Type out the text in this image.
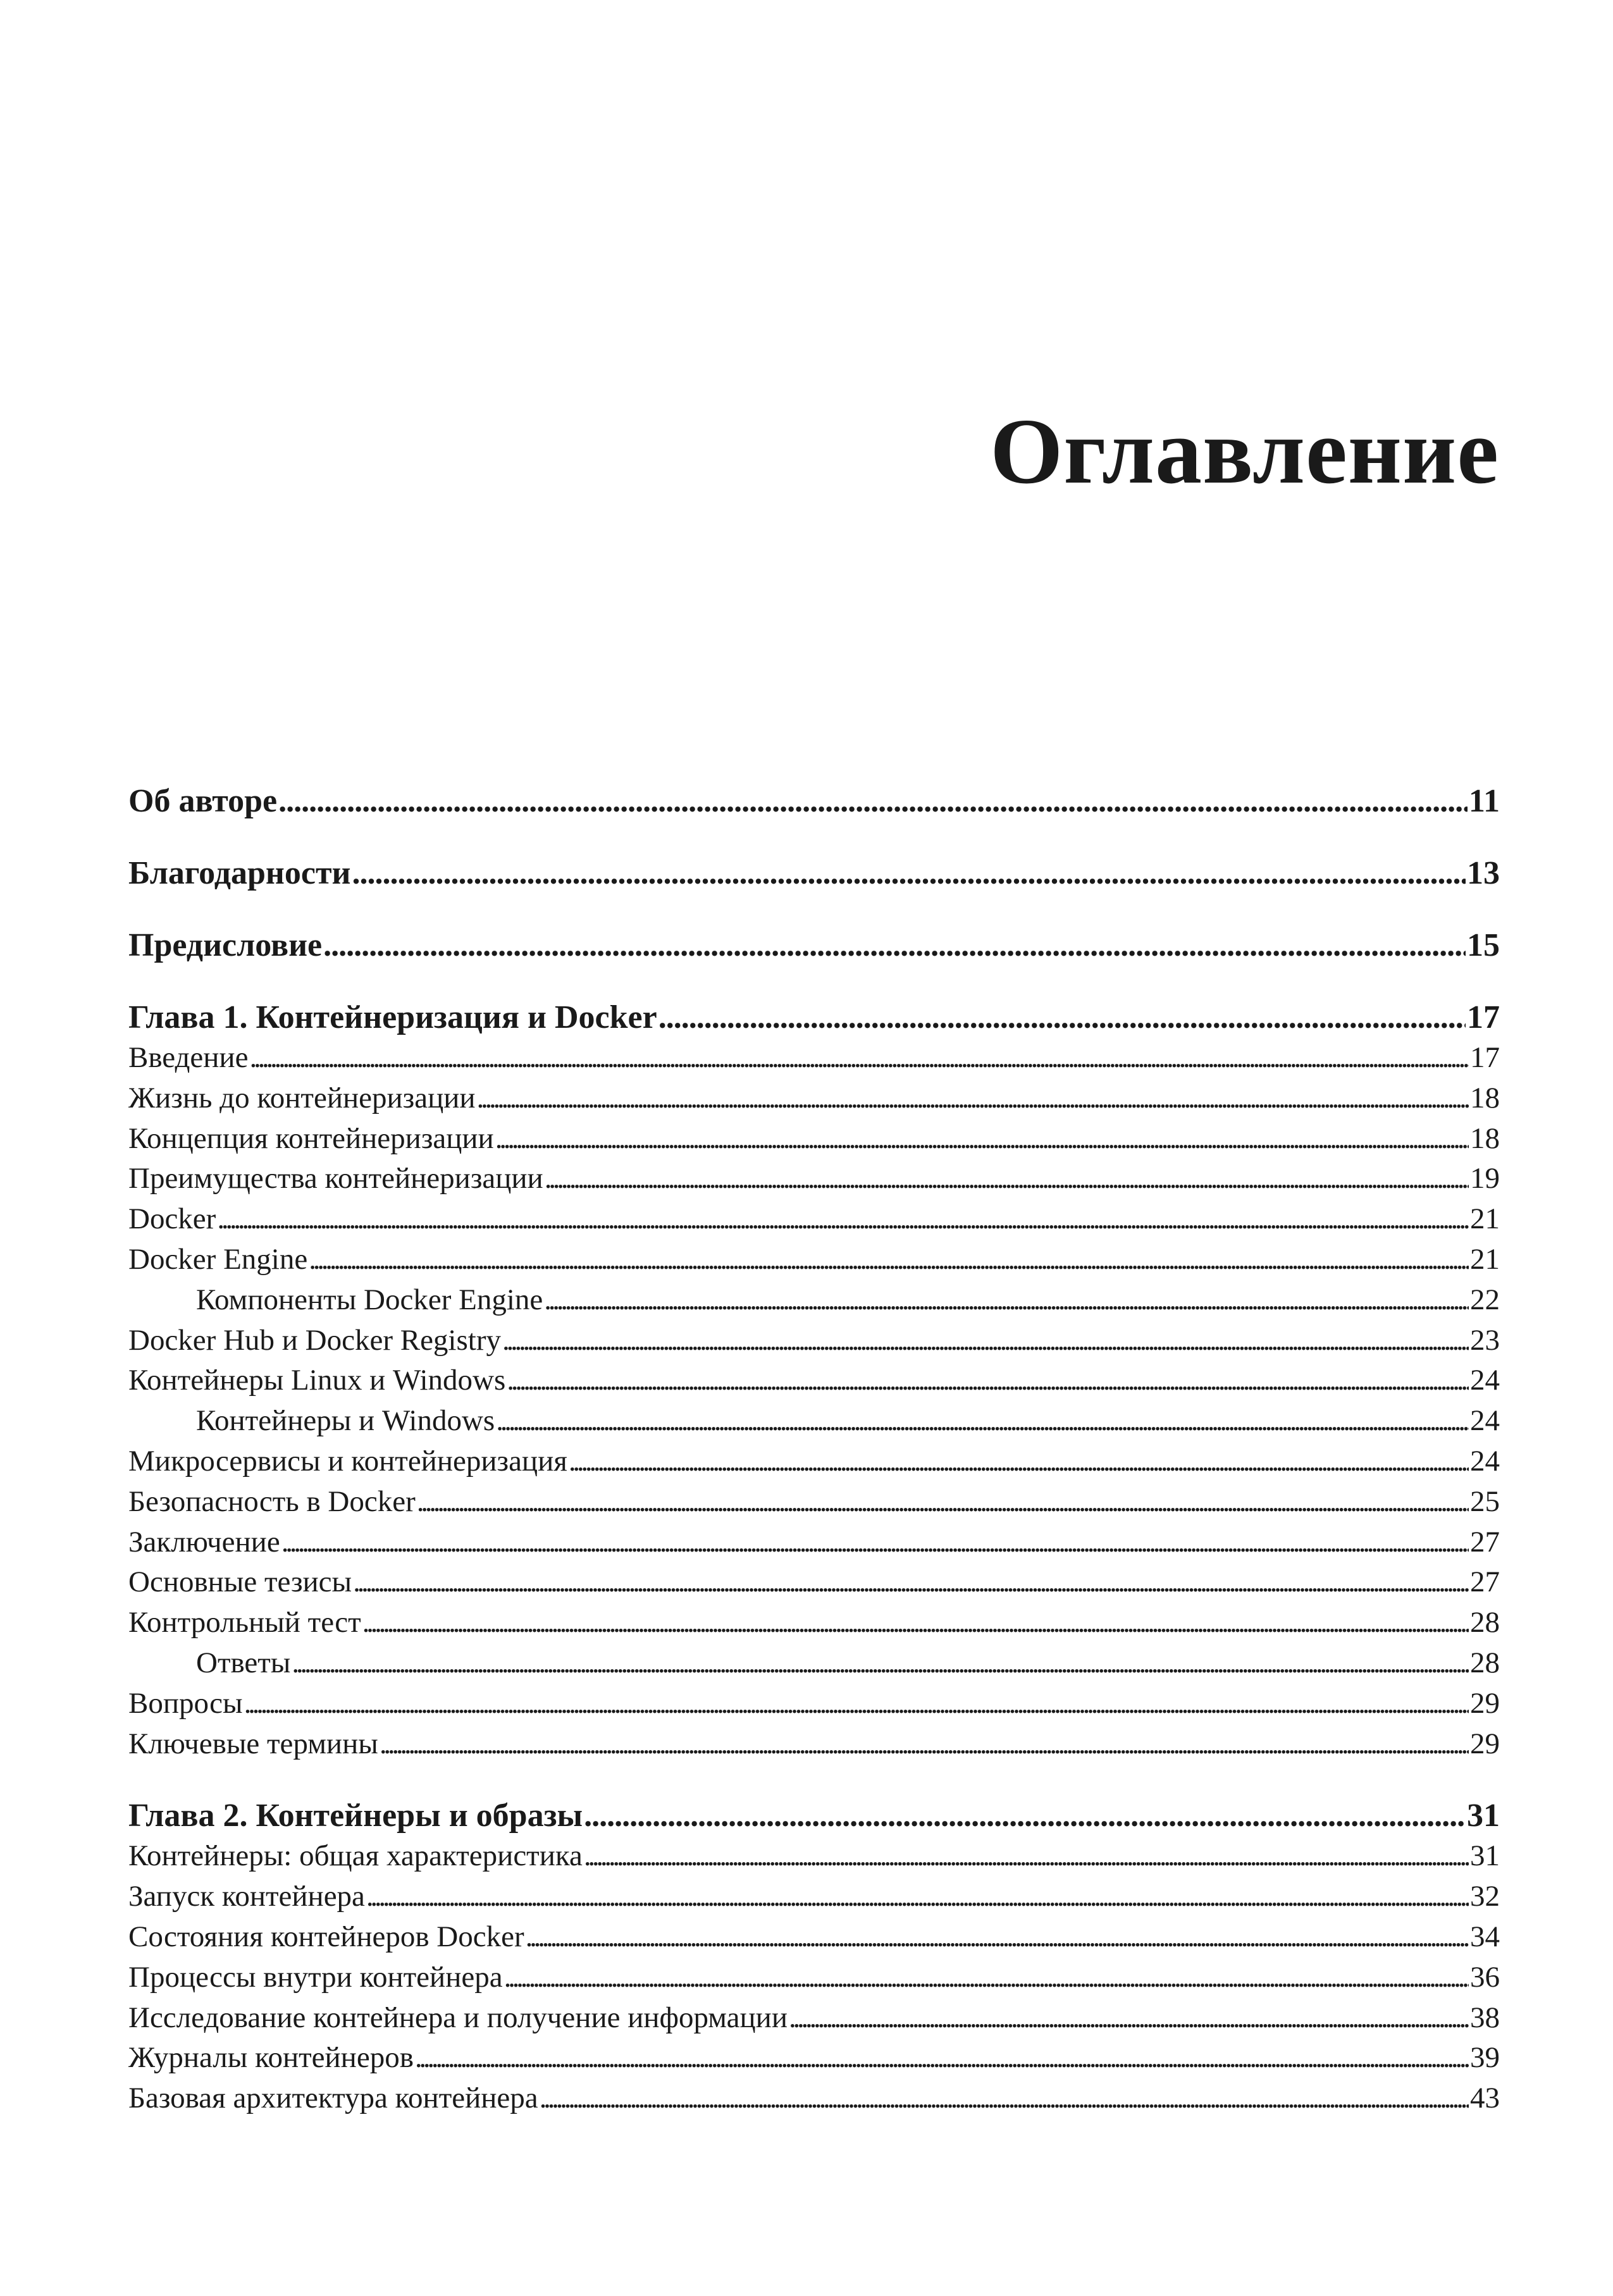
Оглавление
Об авторе . . .	11
Благодарности . . .	13
Предисловие . . .	15
Глава 1. Контейнеризация и Docker . . .	17
Введение . . .	17
Жизнь до контейнеризации . . .	18
Концепция контейнеризации . . .	18
Преимущества контейнеризации . . .	19
Docker . . .	21
Docker Engine . . .	21
Компоненты Docker Engine . . .	22
Docker Hub и Docker Registry . . .	23
Контейнеры Linux и Windows . . .	24
Контейнеры и Windows . . .	24
Микросервисы и контейнеризация . . .	24
Безопасность в Docker . . .	25
Заключение . . .	27
Основные тезисы . . .	27
Контрольный тест . . .	28
Ответы . . .	28
Вопросы . . .	29
Ключевые термины . . .	29
Глава 2. Контейнеры и образы . . .	31
Контейнеры: общая характеристика . . .	31
Запуск контейнера . . .	32
Состояния контейнеров Docker . . .	34
Процессы внутри контейнера . . .	36
Исследование контейнера и получение информации . . .	38
Журналы контейнеров . . .	39
Базовая архитектура контейнера . . .	43
